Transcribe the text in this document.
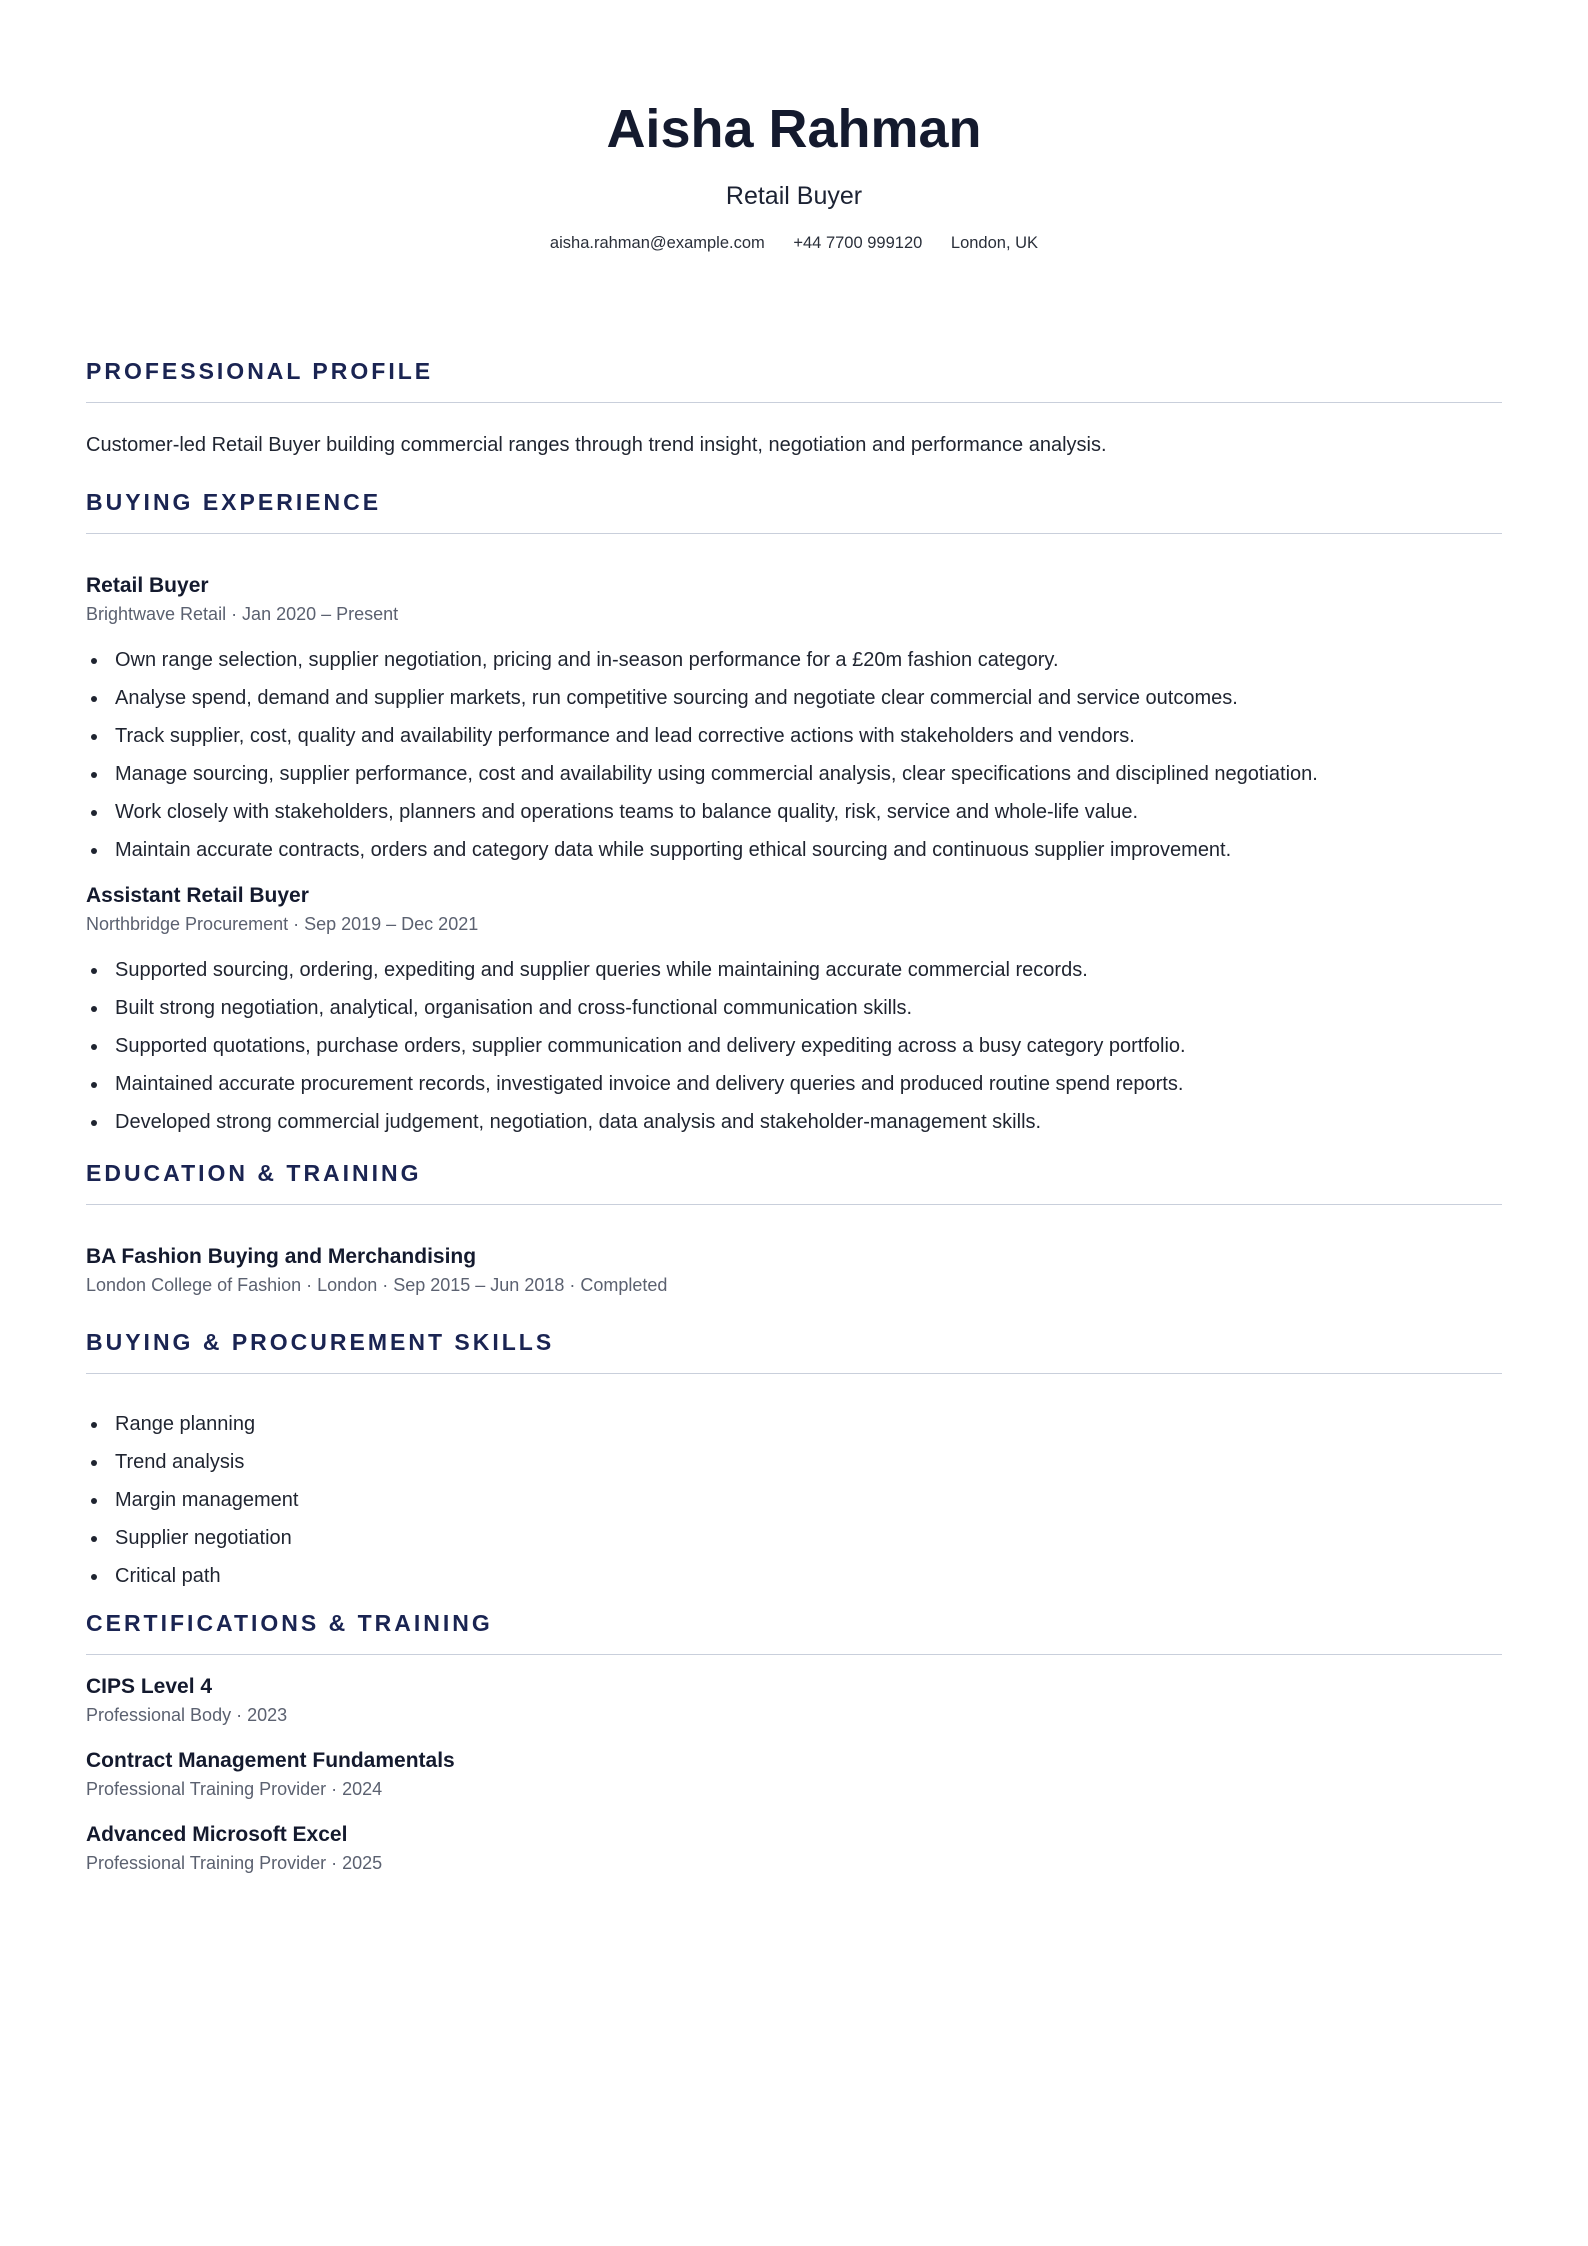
Aisha Rahman
Retail Buyer
aisha.rahman@example.com +44 7700 999120 London, UK
PROFESSIONAL PROFILE
Customer-led Retail Buyer building commercial ranges through trend insight, negotiation and performance analysis.
BUYING EXPERIENCE
Retail Buyer
Brightwave Retail · Jan 2020 – Present
Own range selection, supplier negotiation, pricing and in-season performance for a £20m fashion category.
Analyse spend, demand and supplier markets, run competitive sourcing and negotiate clear commercial and service outcomes.
Track supplier, cost, quality and availability performance and lead corrective actions with stakeholders and vendors.
Manage sourcing, supplier performance, cost and availability using commercial analysis, clear specifications and disciplined negotiation.
Work closely with stakeholders, planners and operations teams to balance quality, risk, service and whole-life value.
Maintain accurate contracts, orders and category data while supporting ethical sourcing and continuous supplier improvement.
Assistant Retail Buyer
Northbridge Procurement · Sep 2019 – Dec 2021
Supported sourcing, ordering, expediting and supplier queries while maintaining accurate commercial records.
Built strong negotiation, analytical, organisation and cross-functional communication skills.
Supported quotations, purchase orders, supplier communication and delivery expediting across a busy category portfolio.
Maintained accurate procurement records, investigated invoice and delivery queries and produced routine spend reports.
Developed strong commercial judgement, negotiation, data analysis and stakeholder-management skills.
EDUCATION & TRAINING
BA Fashion Buying and Merchandising
London College of Fashion · London · Sep 2015 – Jun 2018 · Completed
BUYING & PROCUREMENT SKILLS
Range planning
Trend analysis
Margin management
Supplier negotiation
Critical path
CERTIFICATIONS & TRAINING
CIPS Level 4
Professional Body · 2023
Contract Management Fundamentals
Professional Training Provider · 2024
Advanced Microsoft Excel
Professional Training Provider · 2025
